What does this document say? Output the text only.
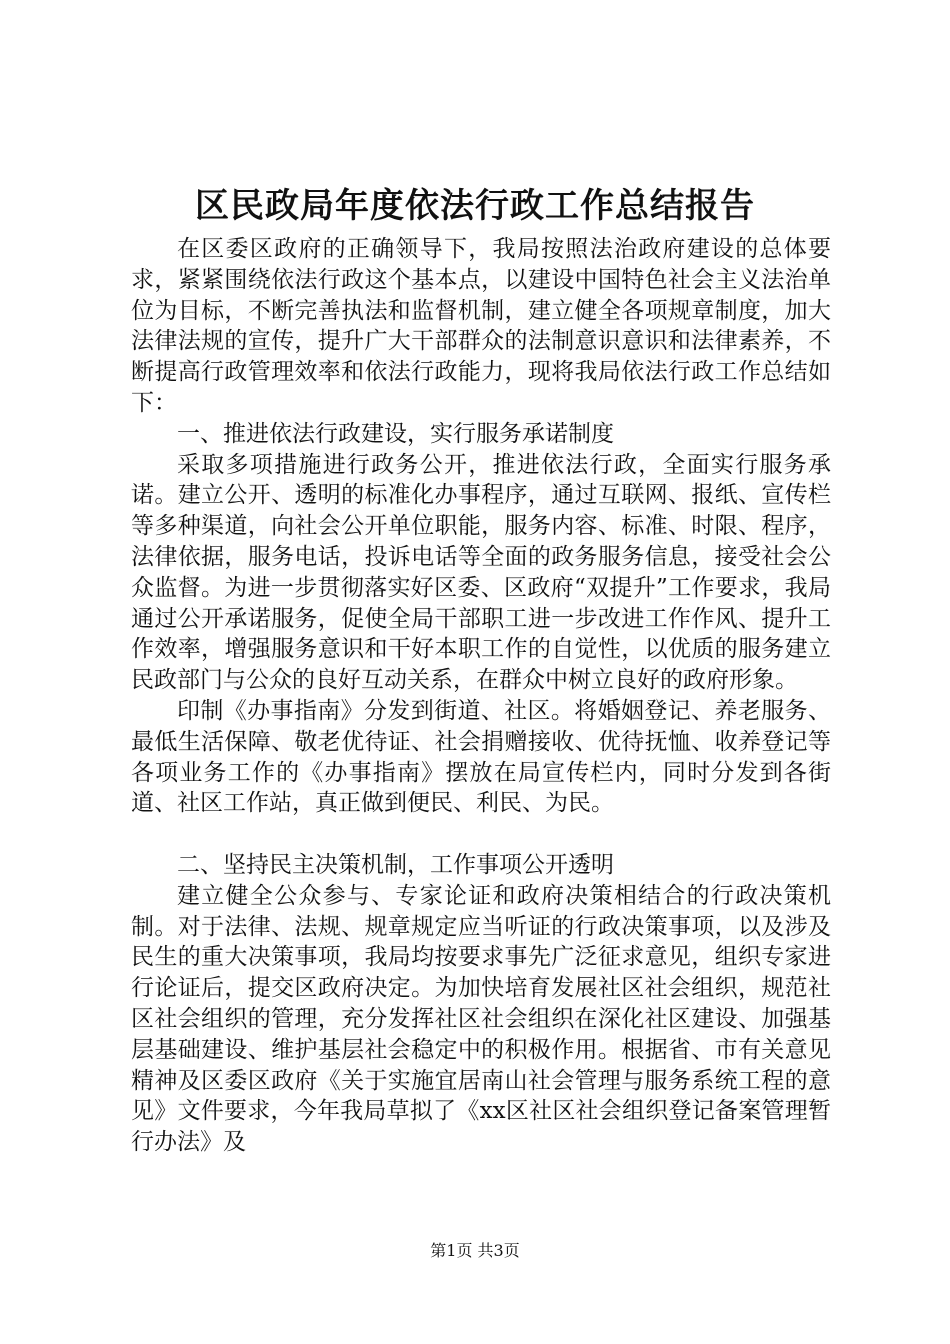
区民政局年度依法行政工作总结报告

在区委区政府的正确领导下，我局按照法治政府建设的总体要求，紧紧围绕依法行政这个基本点，以建设中国特色社会主义法治单位为目标，不断完善执法和监督机制，建立健全各项规章制度，加大法律法规的宣传，提升广大干部群众的法制意识意识和法律素养，不断提高行政管理效率和依法行政能力，现将我局依法行政工作总结如下：

一、推进依法行政建设，实行服务承诺制度

采取多项措施进行政务公开，推进依法行政，全面实行服务承诺。建立公开、透明的标准化办事程序，通过互联网、报纸、宣传栏等多种渠道，向社会公开单位职能，服务内容、标准、时限、程序，法律依据，服务电话，投诉电话等全面的政务服务信息，接受社会公众监督。为进一步贯彻落实好区委、区政府“双提升”工作要求，我局通过公开承诺服务，促使全局干部职工进一步改进工作作风、提升工作效率，增强服务意识和干好本职工作的自觉性，以优质的服务建立民政部门与公众的良好互动关系，在群众中树立良好的政府形象。

印制《办事指南》分发到街道、社区。将婚姻登记、养老服务、最低生活保障、敬老优待证、社会捐赠接收、优待抚恤、收养登记等各项业务工作的《办事指南》摆放在局宣传栏内，同时分发到各街道、社区工作站，真正做到便民、利民、为民。

二、坚持民主决策机制，工作事项公开透明

建立健全公众参与、专家论证和政府决策相结合的行政决策机制。对于法律、法规、规章规定应当听证的行政决策事项，以及涉及民生的重大决策事项，我局均按要求事先广泛征求意见，组织专家进行论证后，提交区政府决定。为加快培育发展社区社会组织，规范社区社会组织的管理，充分发挥社区社会组织在深化社区建设、加强基层基础建设、维护基层社会稳定中的积极作用。根据省、市有关意见精神及区委区政府《关于实施宜居南山社会管理与服务系统工程的意见》文件要求，今年我局草拟了《xx区社区社会组织登记备案管理暂行办法》及

第1页 共3页
